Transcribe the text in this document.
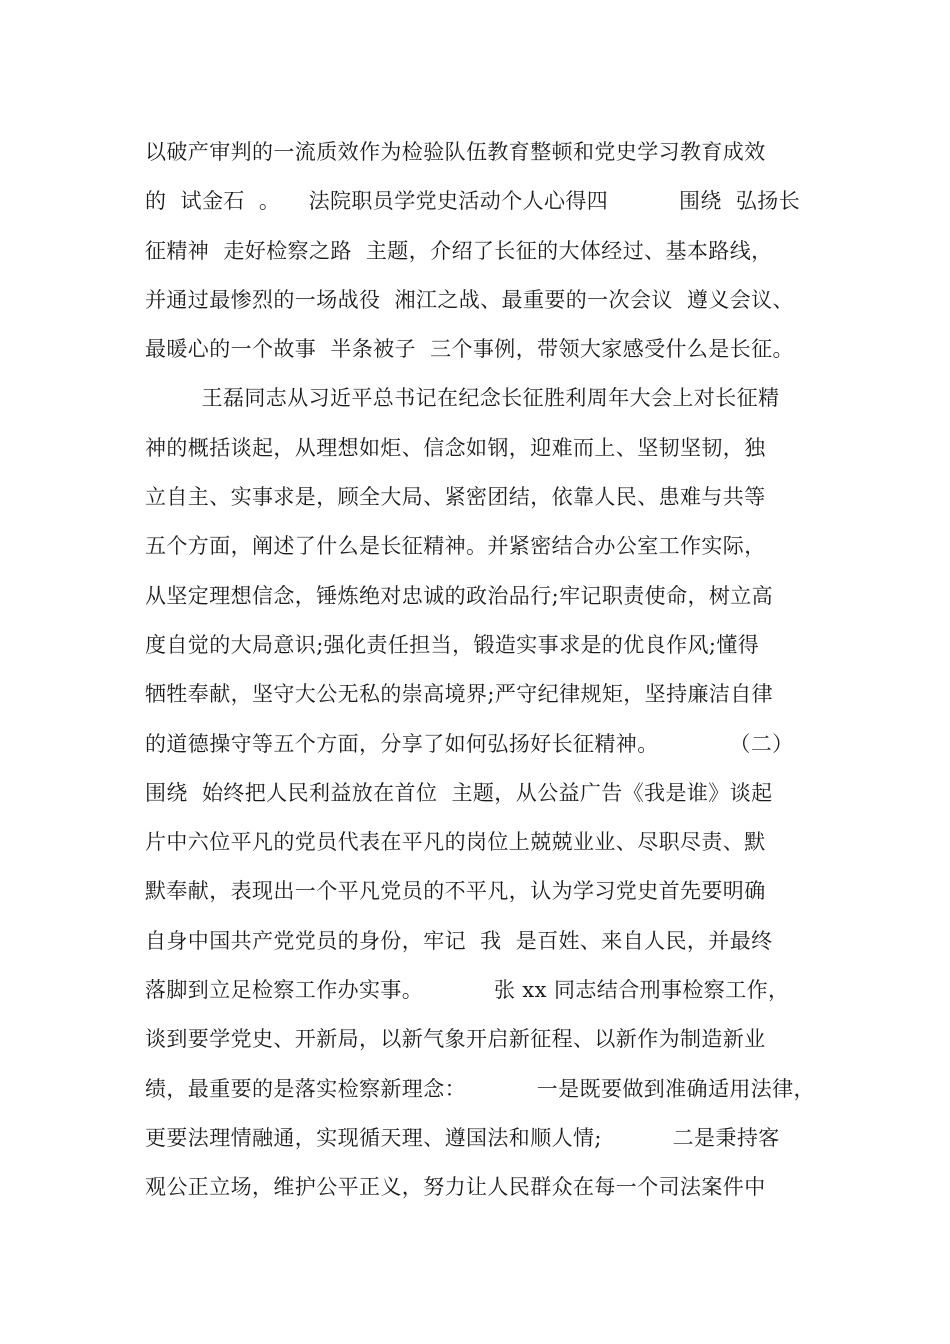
以破产审判的一流质效作为检验队伍教育整顿和党史学习教育成效
的  试金石  。    法院职员学党史活动个人心得四          围绕  弘扬长
征精神  走好检察之路  主题，介绍了长征的大体经过、基本路线，
并通过最惨烈的一场战役  湘江之战、最重要的一次会议  遵义会议、
最暖心的一个故事  半条被子  三个事例，带领大家感受什么是长征。
王磊同志从习近平总书记在纪念长征胜利周年大会上对长征精
神的概括谈起，从理想如炬、信念如钢，迎难而上、坚韧坚韧，独
立自主、实事求是，顾全大局、紧密团结，依靠人民、患难与共等
五个方面，阐述了什么是长征精神。并紧密结合办公室工作实际，
从坚定理想信念，锤炼绝对忠诚的政治品行;牢记职责使命，树立高
度自觉的大局意识;强化责任担当，锻造实事求是的优良作风;懂得
牺牲奉献，坚守大公无私的崇高境界;严守纪律规矩，坚持廉洁自律
的道德操守等五个方面，分享了如何弘扬好长征精神。          （二）
围绕  始终把人民利益放在首位  主题，从公益广告《我是谁》谈起
片中六位平凡的党员代表在平凡的岗位上兢兢业业、尽职尽责、默
默奉献，表现出一个平凡党员的不平凡，认为学习党史首先要明确
自身中国共产党党员的身份，牢记  我  是百姓、来自人民，并最终
落脚到立足检察工作办实事。          张 xx 同志结合刑事检察工作，
谈到要学党史、开新局，以新气象开启新征程、以新作为制造新业
绩，最重要的是落实检察新理念：          一是既要做到准确适用法律，
更要法理情融通，实现循天理、遵国法和顺人情;          二是秉持客
观公正立场，维护公平正义，努力让人民群众在每一个司法案件中
